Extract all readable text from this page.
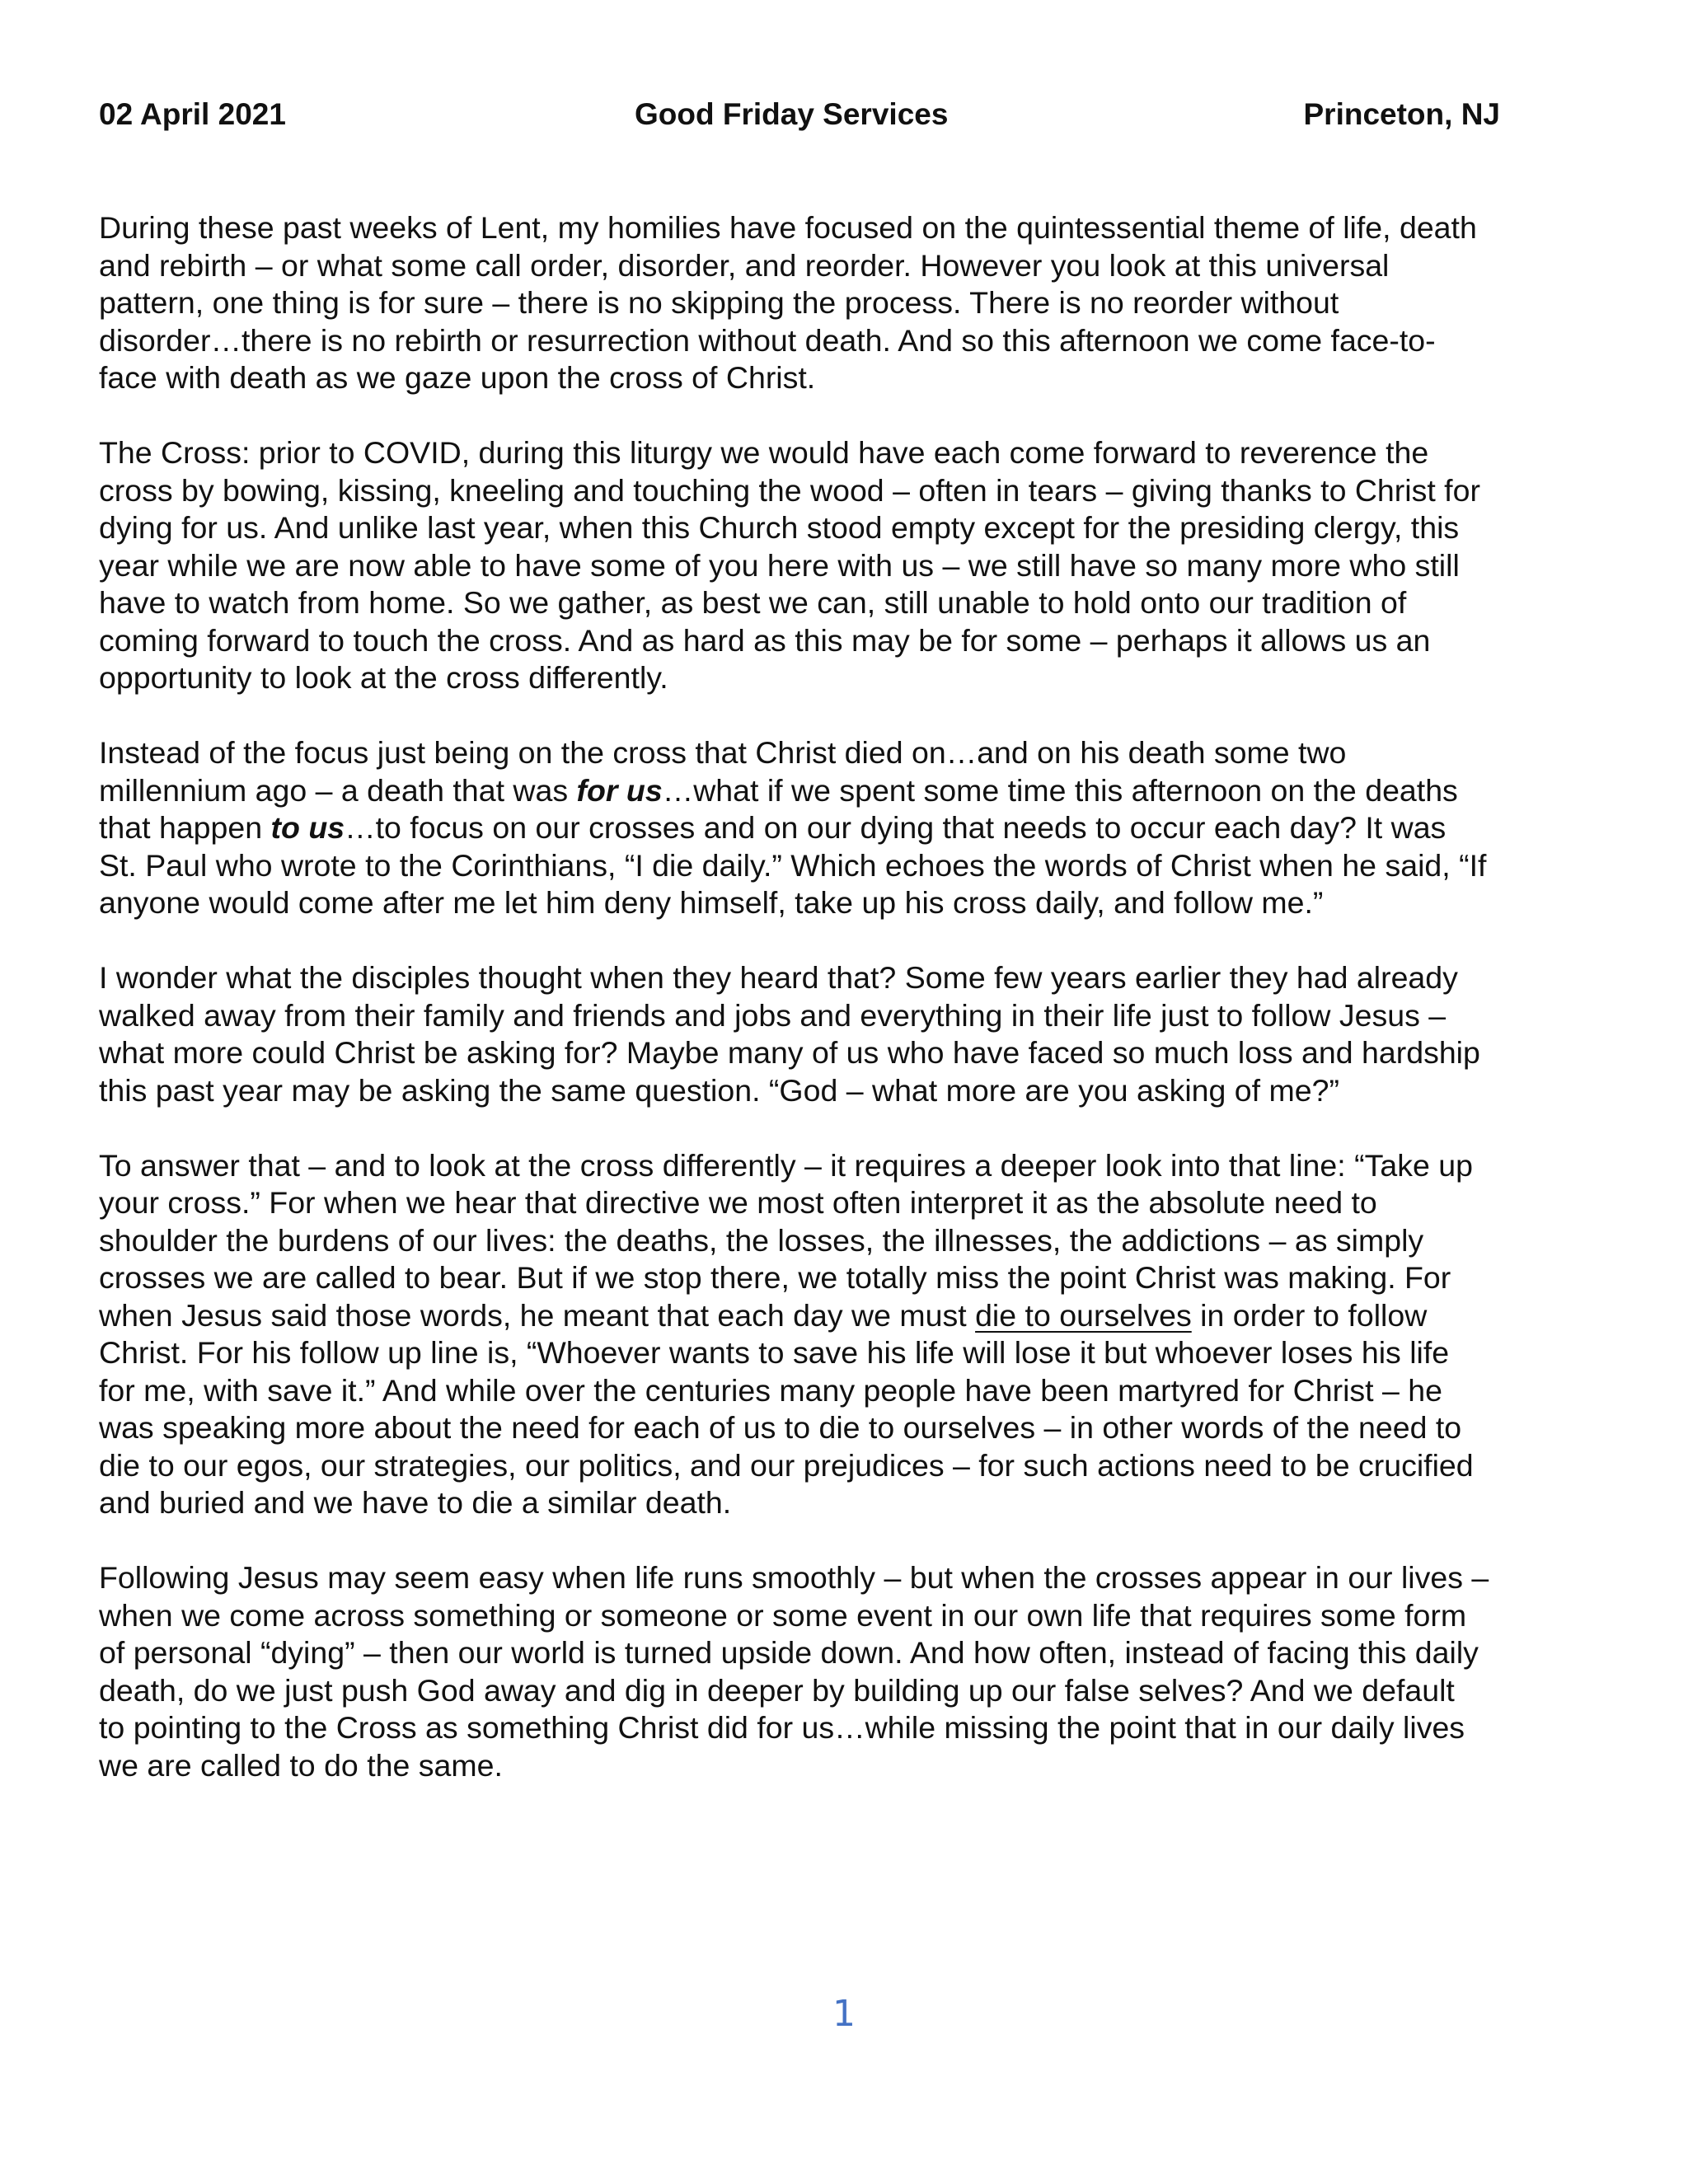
02 April 2021	Good Friday Services	Princeton, NJ

During these past weeks of Lent, my homilies have focused on the quintessential theme of life, death
and rebirth – or what some call order, disorder, and reorder. However you look at this universal
pattern, one thing is for sure – there is no skipping the process. There is no reorder without
disorder…there is no rebirth or resurrection without death. And so this afternoon we come face-to-
face with death as we gaze upon the cross of Christ.

The Cross: prior to COVID, during this liturgy we would have each come forward to reverence the
cross by bowing, kissing, kneeling and touching the wood – often in tears – giving thanks to Christ for
dying for us. And unlike last year, when this Church stood empty except for the presiding clergy, this
year while we are now able to have some of you here with us – we still have so many more who still
have to watch from home. So we gather, as best we can, still unable to hold onto our tradition of
coming forward to touch the cross. And as hard as this may be for some – perhaps it allows us an
opportunity to look at the cross differently.

Instead of the focus just being on the cross that Christ died on…and on his death some two
millennium ago – a death that was for us…what if we spent some time this afternoon on the deaths
that happen to us…to focus on our crosses and on our dying that needs to occur each day? It was
St. Paul who wrote to the Corinthians, “I die daily.” Which echoes the words of Christ when he said, “If
anyone would come after me let him deny himself, take up his cross daily, and follow me.”

I wonder what the disciples thought when they heard that? Some few years earlier they had already
walked away from their family and friends and jobs and everything in their life just to follow Jesus –
what more could Christ be asking for? Maybe many of us who have faced so much loss and hardship
this past year may be asking the same question. “God – what more are you asking of me?”

To answer that – and to look at the cross differently – it requires a deeper look into that line: “Take up
your cross.” For when we hear that directive we most often interpret it as the absolute need to
shoulder the burdens of our lives: the deaths, the losses, the illnesses, the addictions – as simply
crosses we are called to bear. But if we stop there, we totally miss the point Christ was making. For
when Jesus said those words, he meant that each day we must die to ourselves in order to follow
Christ. For his follow up line is, “Whoever wants to save his life will lose it but whoever loses his life
for me, with save it.” And while over the centuries many people have been martyred for Christ – he
was speaking more about the need for each of us to die to ourselves – in other words of the need to
die to our egos, our strategies, our politics, and our prejudices – for such actions need to be crucified
and buried and we have to die a similar death.

Following Jesus may seem easy when life runs smoothly – but when the crosses appear in our lives –
when we come across something or someone or some event in our own life that requires some form
of personal “dying” – then our world is turned upside down. And how often, instead of facing this daily
death, do we just push God away and dig in deeper by building up our false selves? And we default
to pointing to the Cross as something Christ did for us…while missing the point that in our daily lives
we are called to do the same.

1
